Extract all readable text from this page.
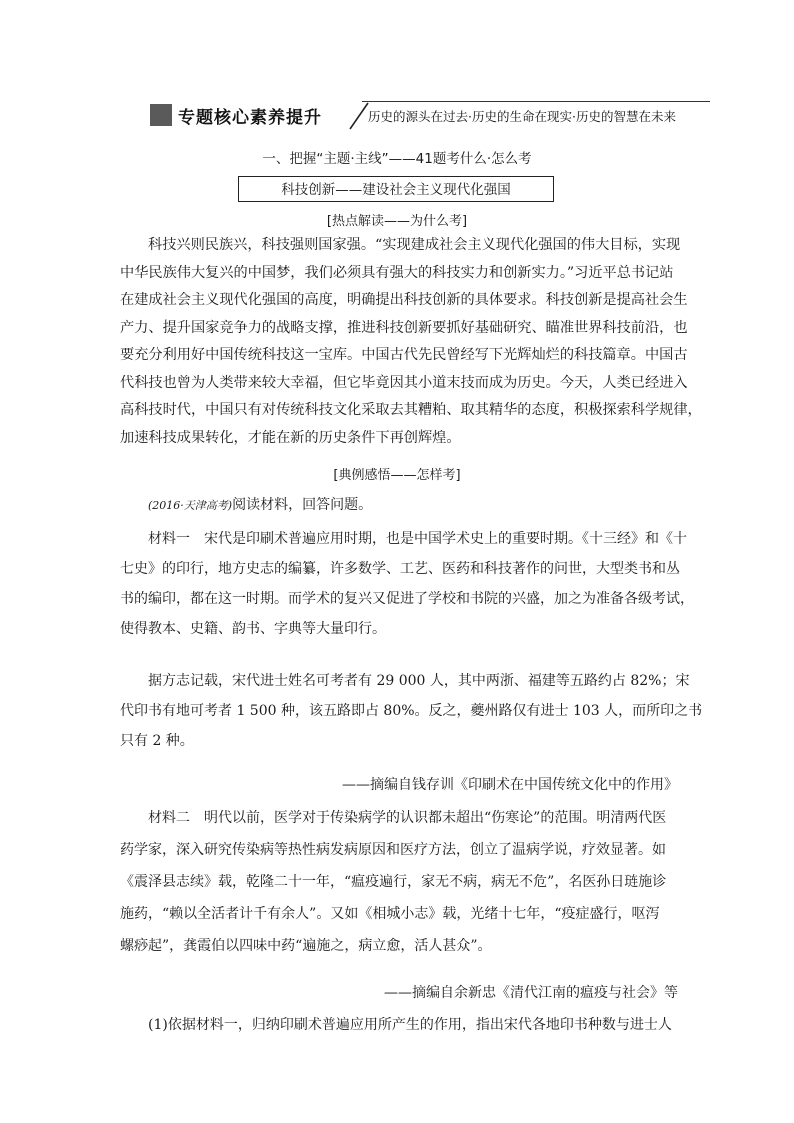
专题核心素养提升	历史的源头在过去·历史的生命在现实·历史的智慧在未来
一、把握“主题·主线”——41题考什么·怎么考
科技创新——建设社会主义现代化强国
[热点解读——为什么考]
科技兴则民族兴，科技强则国家强。“实现建成社会主义现代化强国的伟大目标，实现
中华民族伟大复兴的中国梦，我们必须具有强大的科技实力和创新实力。”习近平总书记站
在建成社会主义现代化强国的高度，明确提出科技创新的具体要求。科技创新是提高社会生
产力、提升国家竞争力的战略支撑，推进科技创新要抓好基础研究、瞄准世界科技前沿，也
要充分利用好中国传统科技这一宝库。中国古代先民曾经写下光辉灿烂的科技篇章。中国古
代科技也曾为人类带来较大幸福，但它毕竟因其小道末技而成为历史。今天，人类已经进入
高科技时代，中国只有对传统科技文化采取去其糟粕、取其精华的态度，积极探索科学规律，
加速科技成果转化，才能在新的历史条件下再创辉煌。
[典例感悟——怎样考]
(2016·天津高考)阅读材料，回答问题。
材料一　宋代是印刷术普遍应用时期，也是中国学术史上的重要时期。《十三经》和《十
七史》的印行，地方史志的编纂，许多数学、工艺、医药和科技著作的问世，大型类书和丛
书的编印，都在这一时期。而学术的复兴又促进了学校和书院的兴盛，加之为准备各级考试，
使得教本、史籍、韵书、字典等大量印行。
据方志记载，宋代进士姓名可考者有 29 000 人，其中两浙、福建等五路约占 82%；宋
代印书有地可考者 1 500 种，该五路即占 80%。反之，夔州路仅有进士 103 人，而所印之书
只有 2 种。
——摘编自钱存训《印刷术在中国传统文化中的作用》
材料二　明代以前，医学对于传染病学的认识都未超出“伤寒论”的范围。明清两代医
药学家，深入研究传染病等热性病发病原因和医疗方法，创立了温病学说，疗效显著。如
《震泽县志续》载，乾隆二十一年，“瘟疫遍行，家无不病，病无不危”，名医孙日琏施诊
施药，“赖以全活者计千有余人”。又如《相城小志》载，光绪十七年，“疫症盛行，呕泻
螺痧起”，龚霞伯以四味中药“遍施之，病立愈，活人甚众”。
——摘编自余新忠《清代江南的瘟疫与社会》等
(1)依据材料一，归纳印刷术普遍应用所产生的作用，指出宋代各地印书种数与进士人
